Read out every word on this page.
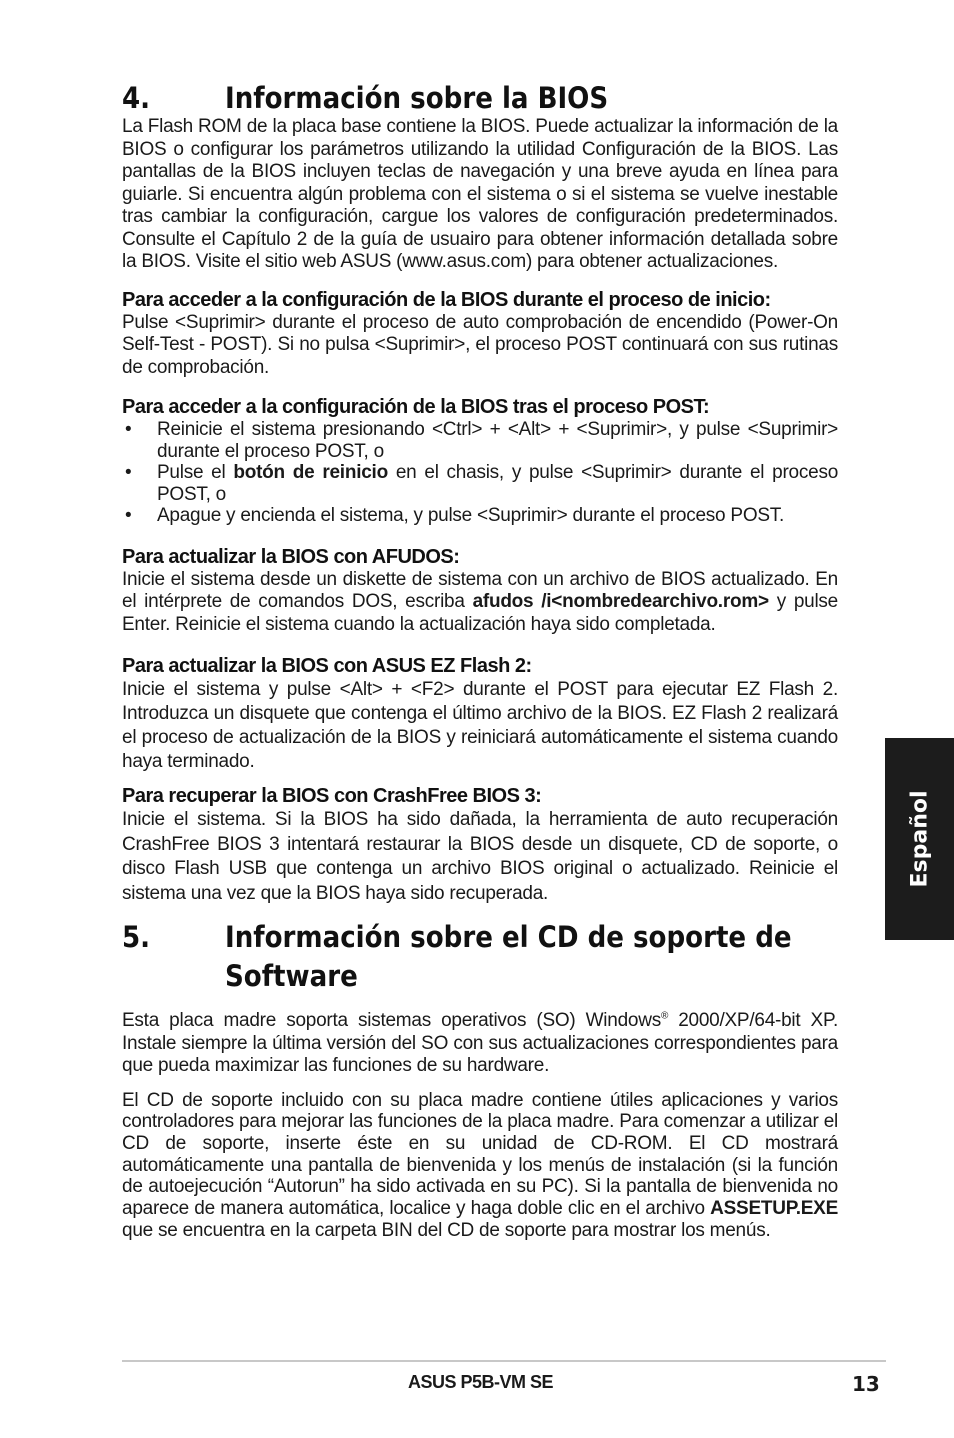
4.	Información sobre la BIOS

La Flash ROM de la placa base contiene la BIOS. Puede actualizar la información de la BIOS o configurar los parámetros utilizando la utilidad Configuración de la BIOS. Las pantallas de la BIOS incluyen teclas de navegación y una breve ayuda en línea para guiarle. Si encuentra algún problema con el sistema o si el sistema se vuelve inestable tras cambiar la configuración, cargue los valores de configuración predeterminados. Consulte el Capítulo 2 de la guía de usuairo para obtener información detallada sobre la BIOS. Visite el sitio web ASUS (www.asus.com) para obtener actualizaciones.

Para acceder a la configuración de la BIOS durante el proceso de inicio:

Pulse <Suprimir> durante el proceso de auto comprobación de encendido (Power-On Self-Test - POST). Si no pulsa <Suprimir>, el proceso POST continuará con sus rutinas de comprobación.

Para acceder a la configuración de la BIOS tras el proceso POST:
• Reinicie el sistema presionando <Ctrl> + <Alt> + <Suprimir>, y pulse <Suprimir> durante el proceso POST, o
• Pulse el botón de reinicio en el chasis, y pulse <Suprimir> durante el proceso POST, o
• Apague y encienda el sistema, y pulse <Suprimir> durante el proceso POST.
Para actualizar la BIOS con AFUDOS:

Inicie el sistema desde un diskette de sistema con un archivo de BIOS actualizado. En el intérprete de comandos DOS, escriba afudos /i<nombredearchivo.rom> y pulse Enter. Reinicie el sistema cuando la actualización haya sido completada.

Para actualizar la BIOS con ASUS EZ Flash 2:

Inicie el sistema y pulse <Alt> + <F2> durante el POST para ejecutar EZ Flash 2. Introduzca un disquete que contenga el último archivo de la BIOS. EZ Flash 2 realizará el proceso de actualización de la BIOS y reiniciará automáticamente el sistema cuando haya terminado.

Para recuperar la BIOS con CrashFree BIOS 3:

Inicie el sistema. Si la BIOS ha sido dañada, la herramienta de auto recuperación CrashFree BIOS 3 intentará restaurar la BIOS desde un disquete, CD de soporte, o disco Flash USB que contenga un archivo BIOS original o actualizado. Reinicie el sistema una vez que la BIOS haya sido recuperada.

5.	Información sobre el CD de soporte de Software

Esta placa madre soporta sistemas operativos (SO) Windows® 2000/XP/64-bit XP. Instale siempre la última versión del SO con sus actualizaciones correspondientes para que pueda maximizar las funciones de su hardware.

El CD de soporte incluido con su placa madre contiene útiles aplicaciones y varios controladores para mejorar las funciones de la placa madre. Para comenzar a utilizar el CD de soporte, inserte éste en su unidad de CD-ROM. El CD mostrará automáticamente una pantalla de bienvenida y los menús de instalación (si la función de autoejecución “Autorun” ha sido activada en su PC). Si la pantalla de bienvenida no aparece de manera automática, localice y haga doble clic en el archivo ASSETUP.EXE que se encuentra en la carpeta BIN del CD de soporte para mostrar los menús.

Español
ASUS P5B-VM SE	13
